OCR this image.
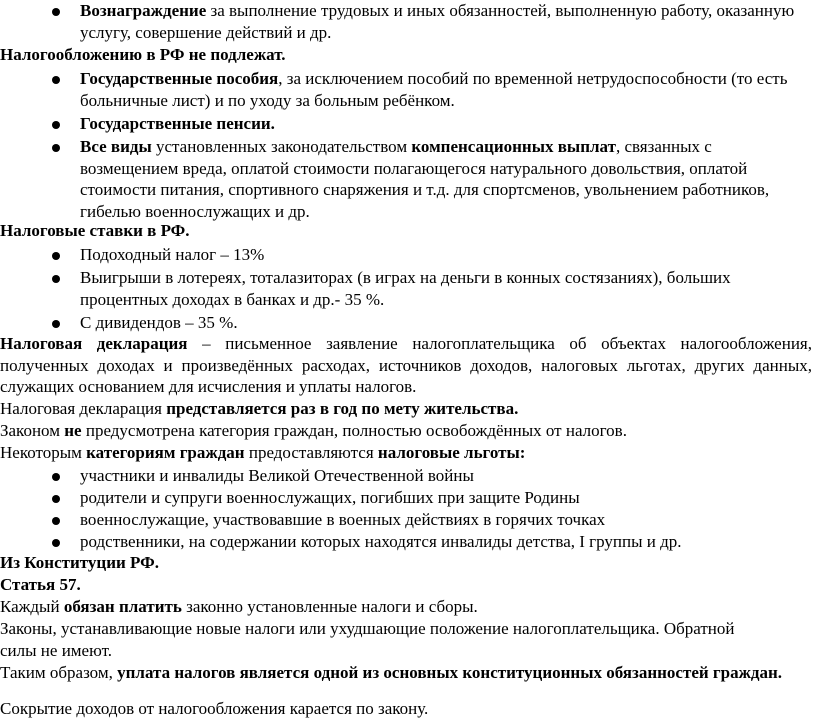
Вознаграждение за выполнение трудовых и иных обязанностей, выполненную работу, оказанную услугу, совершение действий и др.

Налогообложению в РФ не подлежат.

Государственные пособия, за исключением пособий по временной нетрудоспособности (то есть больничные лист) и по уходу за больным ребёнком.

Государственные пенсии.

Все виды установленных законодательством компенсационных выплат, связанных с возмещением вреда, оплатой стоимости полагающегося натурального довольствия, оплатой стоимости питания, спортивного снаряжения и т.д. для спортсменов, увольнением работников, гибелью военнослужащих и др.

Налоговые ставки в РФ.

Подоходный налог – 13%

Выигрыши в лотереях, тоталазиторах (в играх на деньги в конных состязаниях), больших процентных доходах в банках и др.- 35 %.

С дивидендов – 35 %.

Налоговая декларация – письменное заявление налогоплательщика об объектах налогообложения, полученных доходах и произведённых расходах, источников доходов, налоговых льготах, других данных, служащих основанием для исчисления и уплаты налогов.

Налоговая декларация представляется раз в год по мету жительства.

Законом не предусмотрена категория граждан, полностью освобождённых от налогов.

Некоторым категориям граждан предоставляются налоговые льготы:

участники и инвалиды Великой Отечественной войны

родители и супруги военнослужащих, погибших при защите Родины

военнослужащие, участвовавшие в военных действиях в горячих точках

родственники, на содержании которых находятся инвалиды детства, I группы и др.

Из Конституции РФ.

Статья 57.

Каждый обязан платить законно установленные налоги и сборы.

Законы, устанавливающие новые налоги или ухудшающие положение налогоплательщика. Обратной силы не имеют.

Таким образом, уплата налогов является одной из основных конституционных обязанностей граждан.

Сокрытие доходов от налогообложения карается по закону.
